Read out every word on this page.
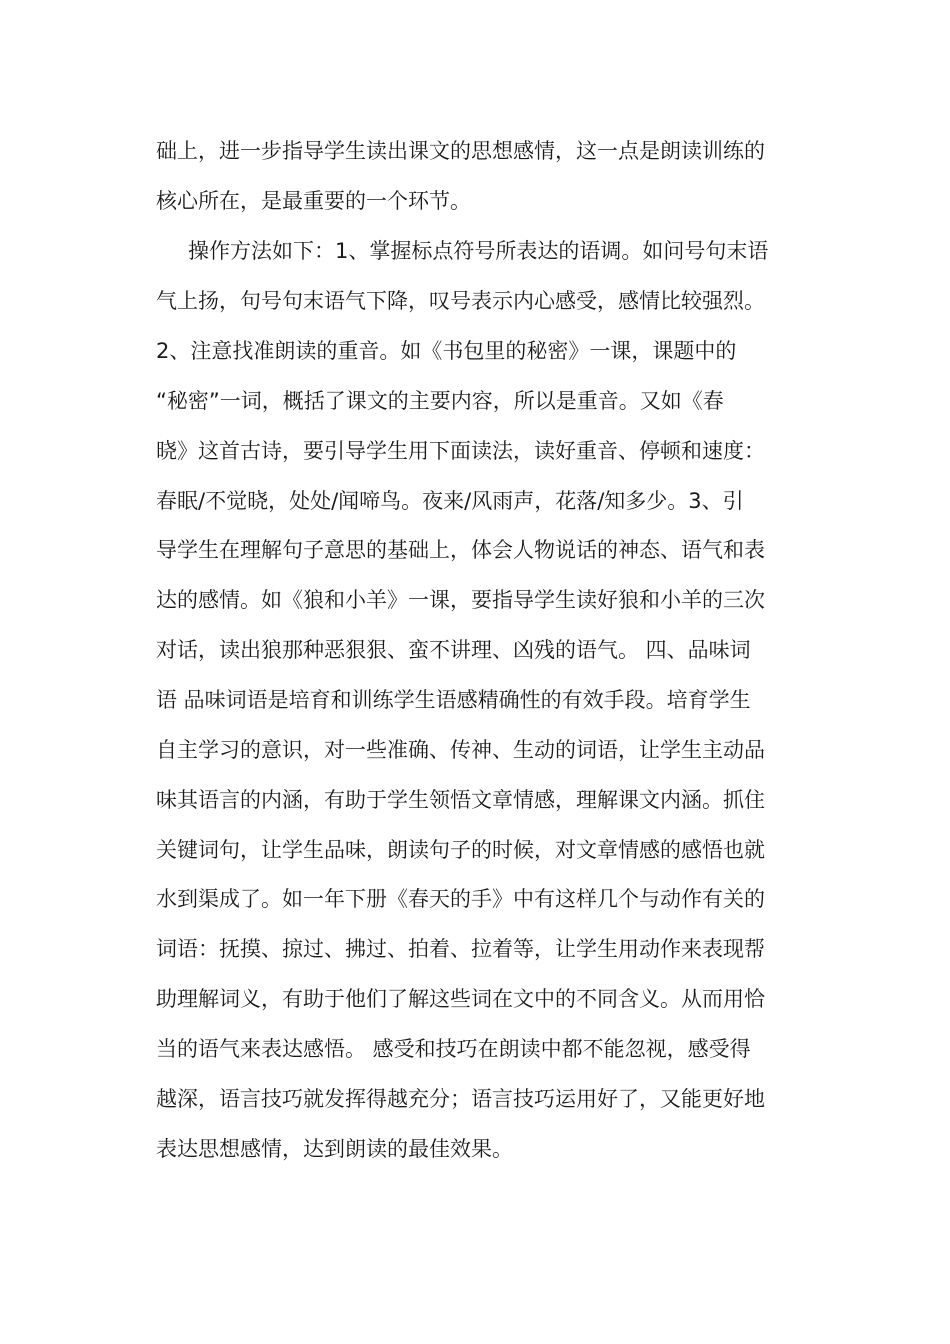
础上，进一步指导学生读出课文的思想感情，这一点是朗读训练的
核心所在，是最重要的一个环节。
操作方法如下：1、掌握标点符号所表达的语调。如问号句末语
气上扬，句号句末语气下降，叹号表示内心感受，感情比较强烈。
2、注意找准朗读的重音。如《书包里的秘密》一课，课题中的
“秘密”一词，概括了课文的主要内容，所以是重音。又如《春
晓》这首古诗，要引导学生用下面读法，读好重音、停顿和速度：
春眠/不觉晓，处处/闻啼鸟。夜来/风雨声，花落/知多少。3、引
导学生在理解句子意思的基础上，体会人物说话的神态、语气和表
达的感情。如《狼和小羊》一课，要指导学生读好狼和小羊的三次
对话，读出狼那种恶狠狠、蛮不讲理、凶残的语气。 四、品味词
语 品味词语是培育和训练学生语感精确性的有效手段。培育学生
自主学习的意识，对一些准确、传神、生动的词语，让学生主动品
味其语言的内涵，有助于学生领悟文章情感，理解课文内涵。抓住
关键词句，让学生品味，朗读句子的时候，对文章情感的感悟也就
水到渠成了。如一年下册《春天的手》中有这样几个与动作有关的
词语：抚摸、掠过、拂过、拍着、拉着等，让学生用动作来表现帮
助理解词义，有助于他们了解这些词在文中的不同含义。从而用恰
当的语气来表达感悟。 感受和技巧在朗读中都不能忽视，感受得
越深，语言技巧就发挥得越充分；语言技巧运用好了，又能更好地
表达思想感情，达到朗读的最佳效果。
